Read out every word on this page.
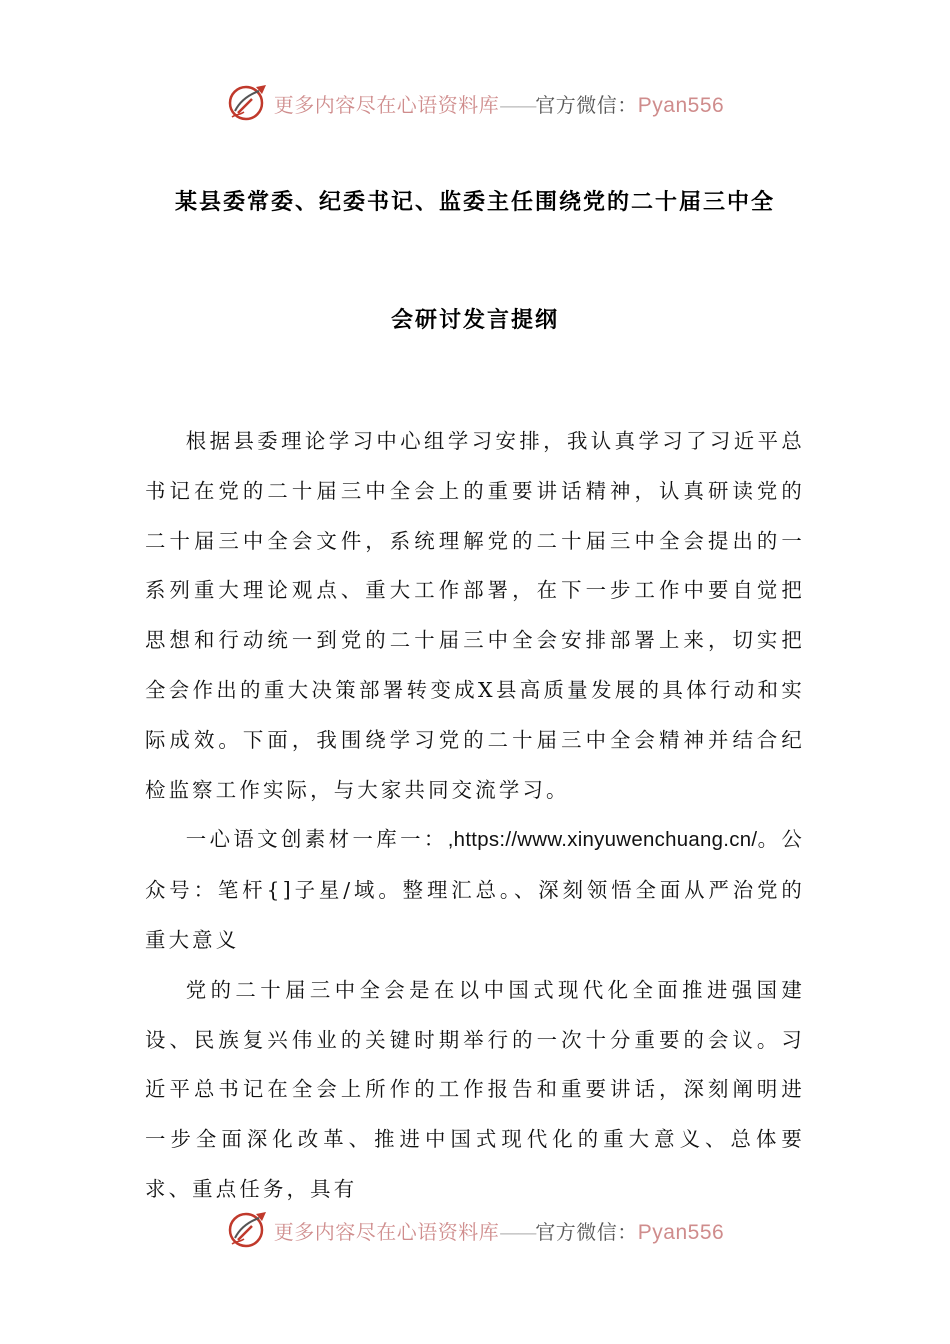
更多内容尽在心语资料库——官方微信：Pyan556
某县委常委、纪委书记、监委主任围绕党的二十届三中全
会研讨发言提纲

根据县委理论学习中心组学习安排，我认真学习了习近平总书记在党的二十届三中全会上的重要讲话精神，认真研读党的二十届三中全会文件，系统理解党的二十届三中全会提出的一系列重大理论观点、重大工作部署，在下一步工作中要自觉把思想和行动统一到党的二十届三中全会安排部署上来，切实把全会作出的重大决策部署转变成X县高质量发展的具体行动和实际成效。下面，我围绕学习党的二十届三中全会精神并结合纪检监察工作实际，与大家共同交流学习。

一心语文创素材一库一：,https://www.xinyuwenchuang.cn/。公众号：笔杆{]子星/域。整理汇总。、深刻领悟全面从严治党的重大意义

党的二十届三中全会是在以中国式现代化全面推进强国建设、民族复兴伟业的关键时期举行的一次十分重要的会议。习近平总书记在全会上所作的工作报告和重要讲话，深刻阐明进一步全面深化改革、推进中国式现代化的重大意义、总体要求、重点任务，具有

更多内容尽在心语资料库——官方微信：Pyan556
